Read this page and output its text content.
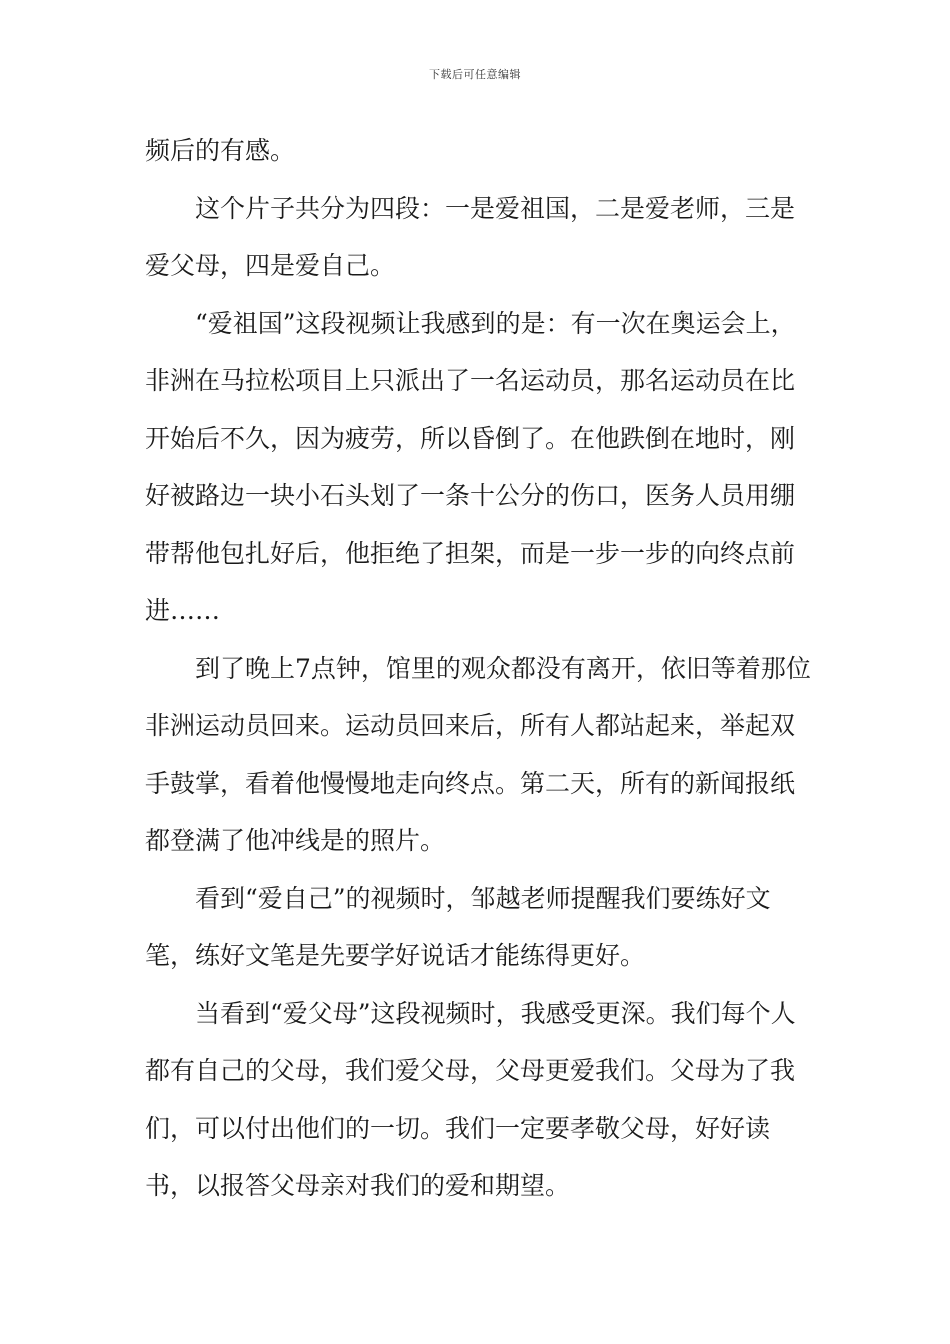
下载后可任意编辑

频后的有感。

这个片子共分为四段：一是爱祖国，二是爱老师，三是爱父母，四是爱自己。

“爱祖国”这段视频让我感到的是：有一次在奥运会上，非洲在马拉松项目上只派出了一名运动员，那名运动员在比开始后不久，因为疲劳，所以昏倒了。在他跌倒在地时，刚好被路边一块小石头划了一条十公分的伤口，医务人员用绷带帮他包扎好后，他拒绝了担架，而是一步一步的向终点前进……

到了晚上7点钟，馆里的观众都没有离开，依旧等着那位非洲运动员回来。运动员回来后，所有人都站起来，举起双手鼓掌，看着他慢慢地走向终点。第二天，所有的新闻报纸都登满了他冲线是的照片。

看到“爱自己”的视频时，邹越老师提醒我们要练好文笔，练好文笔是先要学好说话才能练得更好。

当看到“爱父母”这段视频时，我感受更深。我们每个人都有自己的父母，我们爱父母，父母更爱我们。父母为了我们，可以付出他们的一切。我们一定要孝敬父母，好好读书，以报答父母亲对我们的爱和期望。
